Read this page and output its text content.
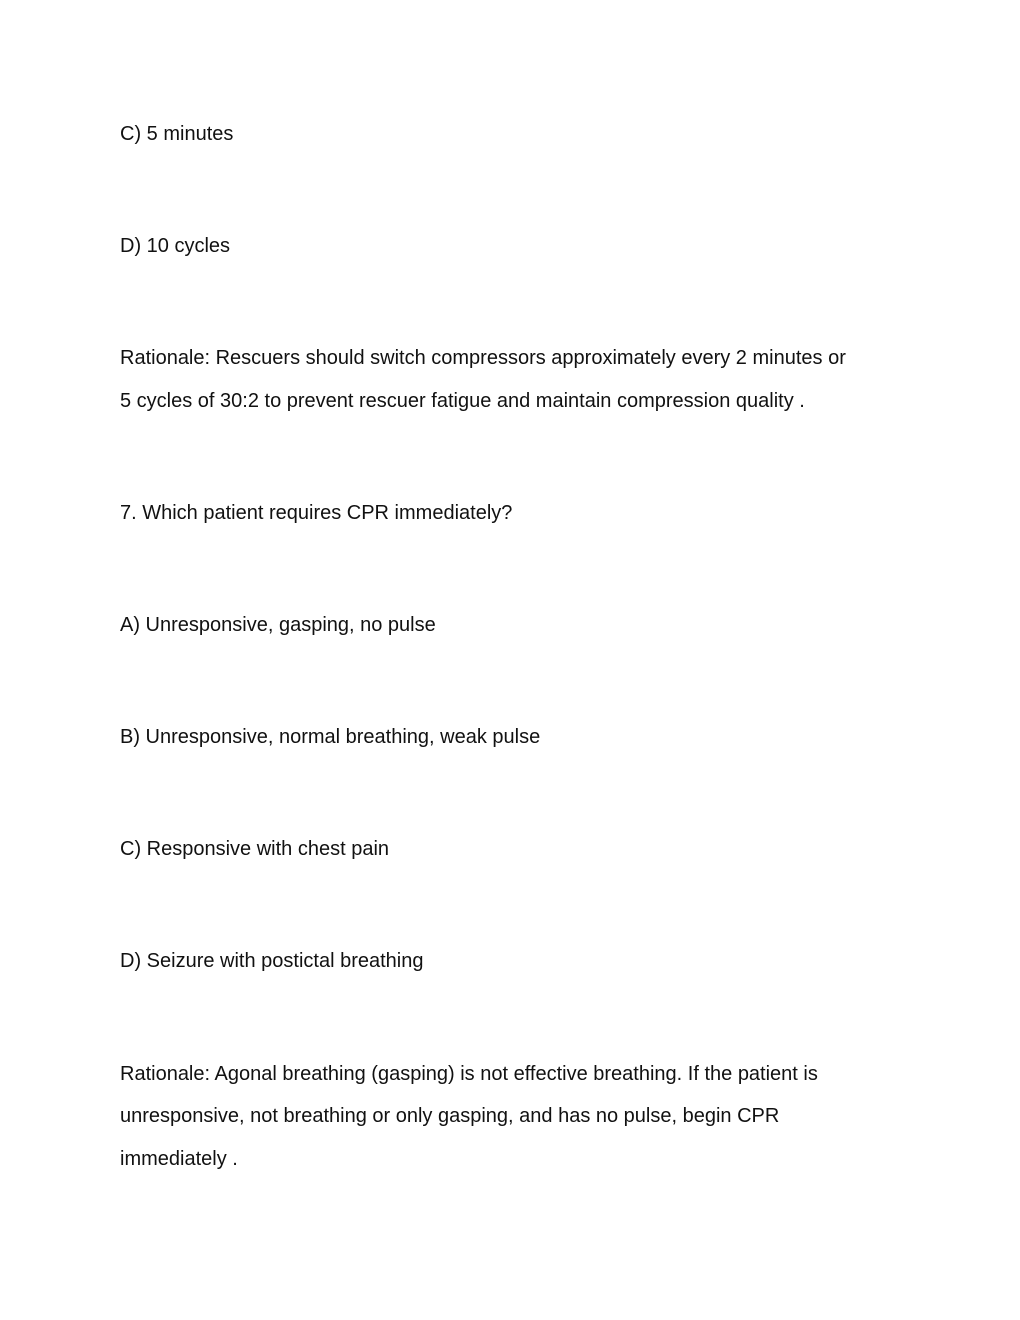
C) 5 minutes
D) 10 cycles
Rationale: Rescuers should switch compressors approximately every 2 minutes or
5 cycles of 30:2 to prevent rescuer fatigue and maintain compression quality .
7. Which patient requires CPR immediately?
A) Unresponsive, gasping, no pulse
B) Unresponsive, normal breathing, weak pulse
C) Responsive with chest pain
D) Seizure with postictal breathing
Rationale: Agonal breathing (gasping) is not effective breathing. If the patient is
unresponsive, not breathing or only gasping, and has no pulse, begin CPR
immediately .
